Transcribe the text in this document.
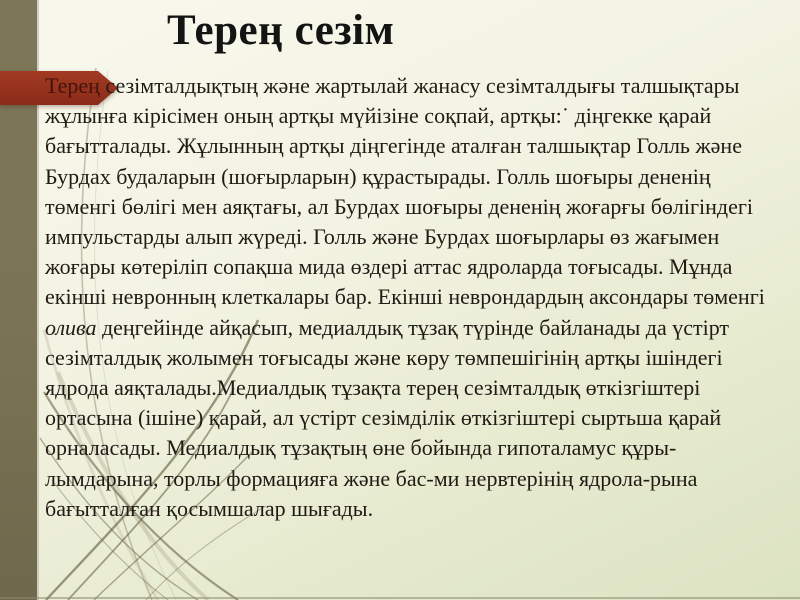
Терең сезім

Терең сезімталдықтың және жартылай жанасу сезімталдығы талшықтары жұлынға кірісімен оның артқы мүйізіне соқпай, артқы:˙ діңгекке қарай бағытталады. Жұлынның артқы діңгегінде аталған талшықтар Голль және Бурдах будаларын (шоғырларын) құрастырады. Голль шоғыры дененің төменгі бөлігі мен аяқтағы, ал Бурдах шоғыры дененің жоғарғы бөлігіндегі импульстарды алып жүреді. Голль және Бурдах шоғырлары өз жағымен жоғары көтеріліп сопақша мида өздері аттас ядроларда тоғысады. Мұнда екінші невронның клеткалары бар. Екінші неврондардың аксондары төменгі олива деңгейінде айқасып, медиалдық тұзақ түрінде байланады да үстірт сезімталдық жолымен тоғысады және көру төмпешігінің артқы ішіндегі ядрода аяқталады.Медиалдық тұзақта терең сезімталдық өткізгіштері ортасына (ішіне) қарай, ал үстірт сезімділік өткізгіштері сыртьша қарай орналасады. Медиалдық тұзақтың өне бойында гипоталамус құры-лымдарына, торлы формацияға және бас-ми нервтерінің ядрола-рына бағытталған қосымшалар шығады.
